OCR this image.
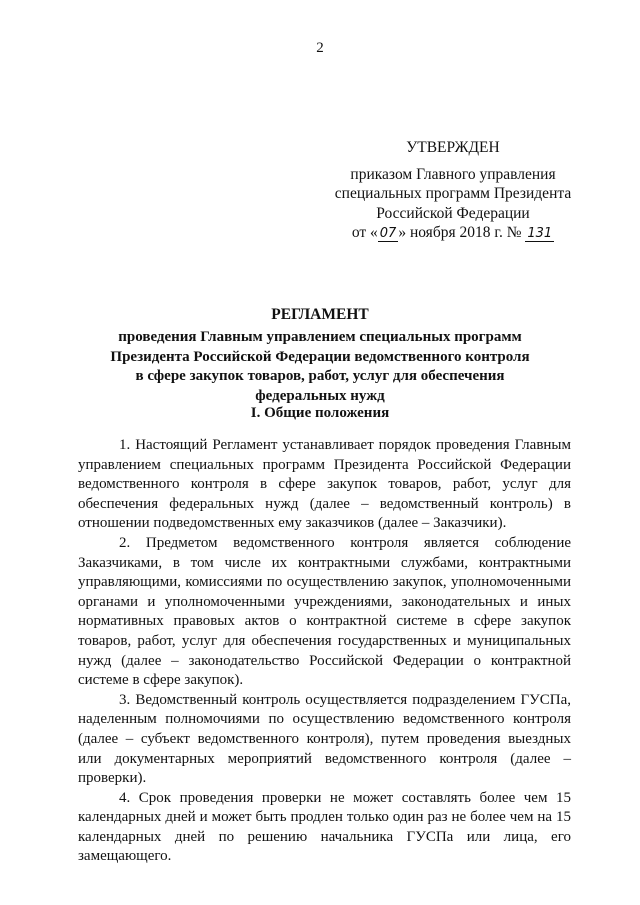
2
УТВЕРЖДЕН
приказом Главного управления
специальных программ Президента
Российской Федерации
от « 07 » ноября 2018 г. № 131
РЕГЛАМЕНТ
проведения Главным управлением специальных программ
Президента Российской Федерации ведомственного контроля
в сфере закупок товаров, работ, услуг для обеспечения
федеральных нужд
I. Общие положения

1. Настоящий Регламент устанавливает порядок проведения Главным управлением специальных программ Президента Российской Федерации ведомственного контроля в сфере закупок товаров, работ, услуг для обеспечения федеральных нужд (далее – ведомственный контроль) в отношении подведомственных ему заказчиков (далее – Заказчики).

2. Предметом ведомственного контроля является соблюдение Заказчиками, в том числе их контрактными службами, контрактными управляющими, комиссиями по осуществлению закупок, уполномоченными органами и уполномоченными учреждениями, законодательных и иных нормативных правовых актов о контрактной системе в сфере закупок товаров, работ, услуг для обеспечения государственных и муниципальных нужд (далее – законодательство Российской Федерации о контрактной системе в сфере закупок).

3. Ведомственный контроль осуществляется подразделением ГУСПа, наделенным полномочиями по осуществлению ведомственного контроля (далее – субъект ведомственного контроля), путем проведения выездных или документарных мероприятий ведомственного контроля (далее – проверки).

4. Срок проведения проверки не может составлять более чем 15 календарных дней и может быть продлен только один раз не более чем на 15 календарных дней по решению начальника ГУСПа или лица, его замещающего.
